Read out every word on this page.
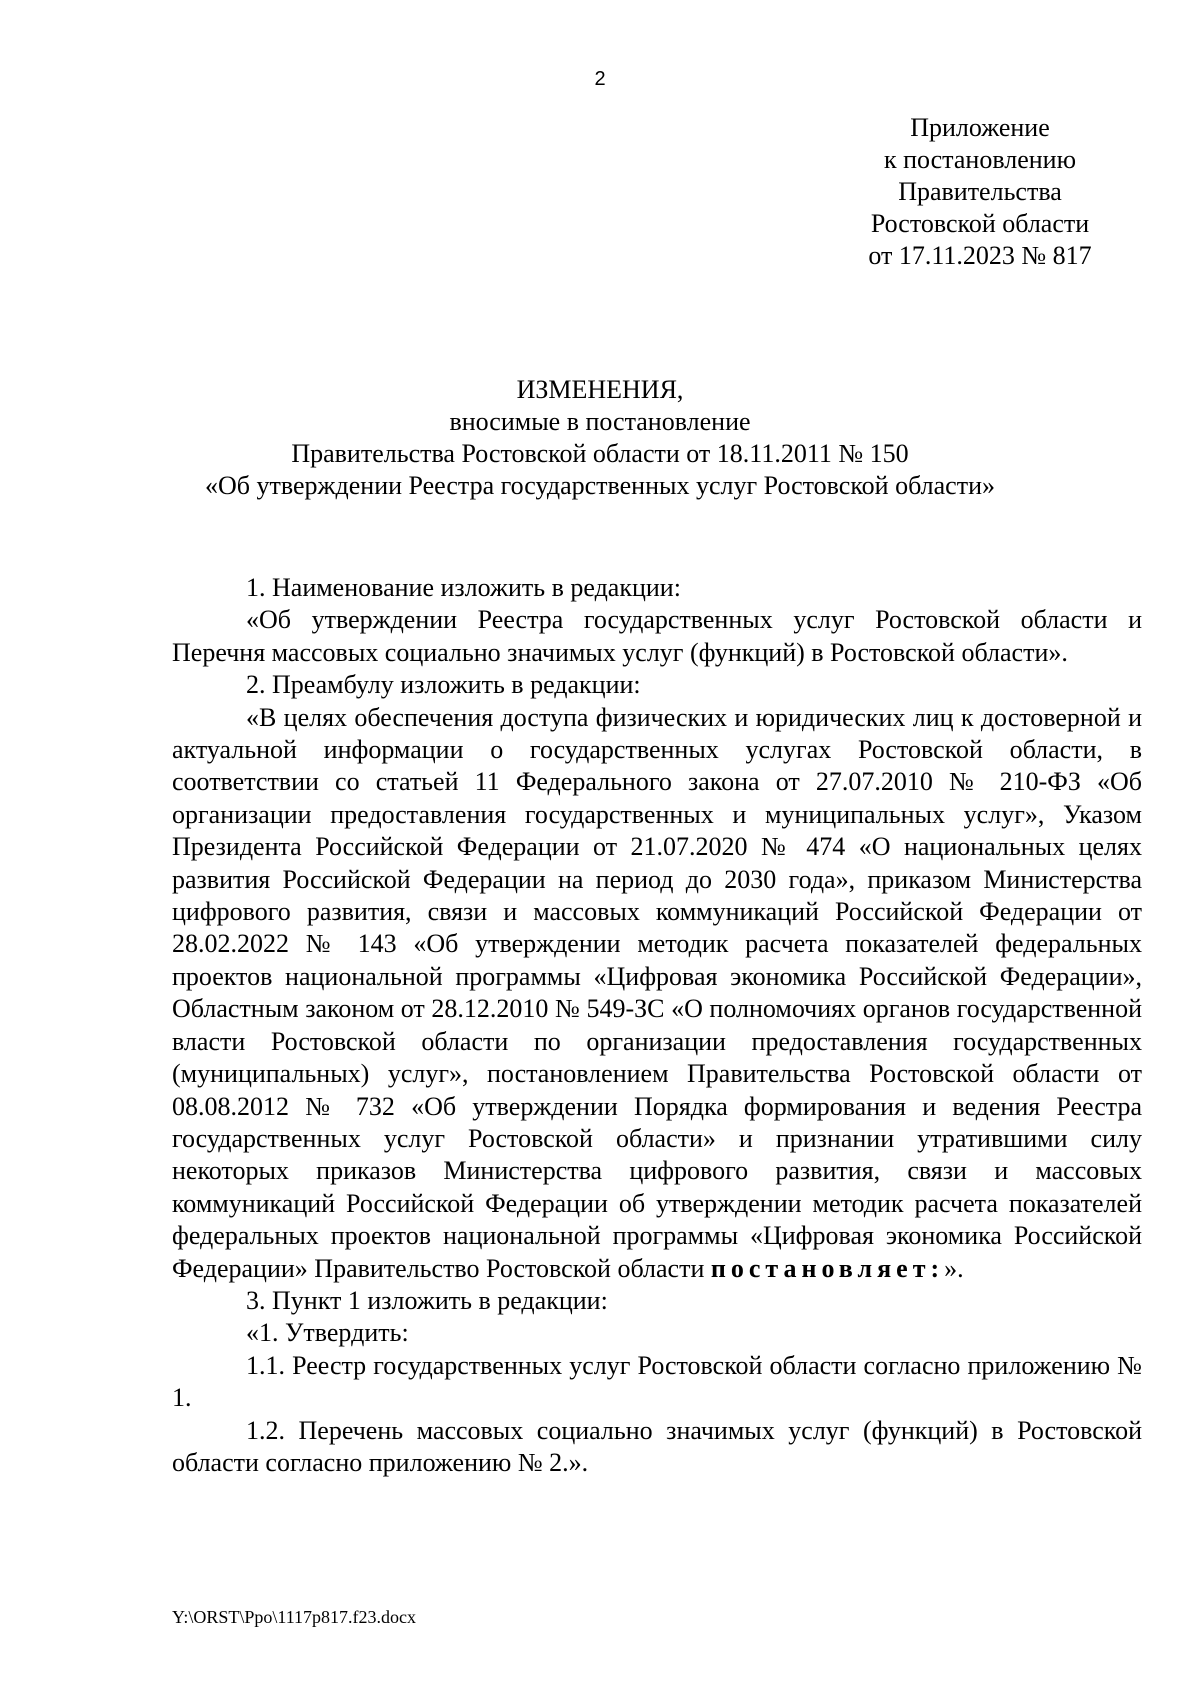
2
Приложение
к постановлению
Правительства
Ростовской области
от 17.11.2023 № 817
ИЗМЕНЕНИЯ,
вносимые в постановление
Правительства Ростовской области от 18.11.2011 № 150
«Об утверждении Реестра государственных услуг Ростовской области»

1. Наименование изложить в редакции:

«Об утверждении Реестра государственных услуг Ростовской области и Перечня массовых социально значимых услуг (функций) в Ростовской области».

2. Преамбулу изложить в редакции:

«В целях обеспечения доступа физических и юридических лиц к достоверной и актуальной информации о государственных услугах Ростовской области, в соответствии со статьей 11 Федерального закона от 27.07.2010 № 210-ФЗ «Об организации предоставления государственных и муниципальных услуг», Указом Президента Российской Федерации от 21.07.2020 № 474 «О национальных целях развития Российской Федерации на период до 2030 года», приказом Министерства цифрового развития, связи и массовых коммуникаций Российской Федерации от 28.02.2022 № 143 «Об утверждении методик расчета показателей федеральных проектов национальной программы «Цифровая экономика Российской Федерации», Областным законом от 28.12.2010 № 549-ЗС «О полномочиях органов государственной власти Ростовской области по организации предоставления государственных (муниципальных) услуг», постановлением Правительства Ростовской области от 08.08.2012 № 732 «Об утверждении Порядка формирования и ведения Реестра государственных услуг Ростовской области» и признании утратившими силу некоторых приказов Министерства цифрового развития, связи и массовых коммуникаций Российской Федерации об утверждении методик расчета показателей федеральных проектов национальной программы «Цифровая экономика Российской Федерации» Правительство Ростовской области постановляет:».

3. Пункт 1 изложить в редакции:

«1. Утвердить:

1.1. Реестр государственных услуг Ростовской области согласно приложению № 1.

1.2. Перечень массовых социально значимых услуг (функций) в Ростовской области согласно приложению № 2.».

Y:\ORST\Ppo\1117p817.f23.docx
